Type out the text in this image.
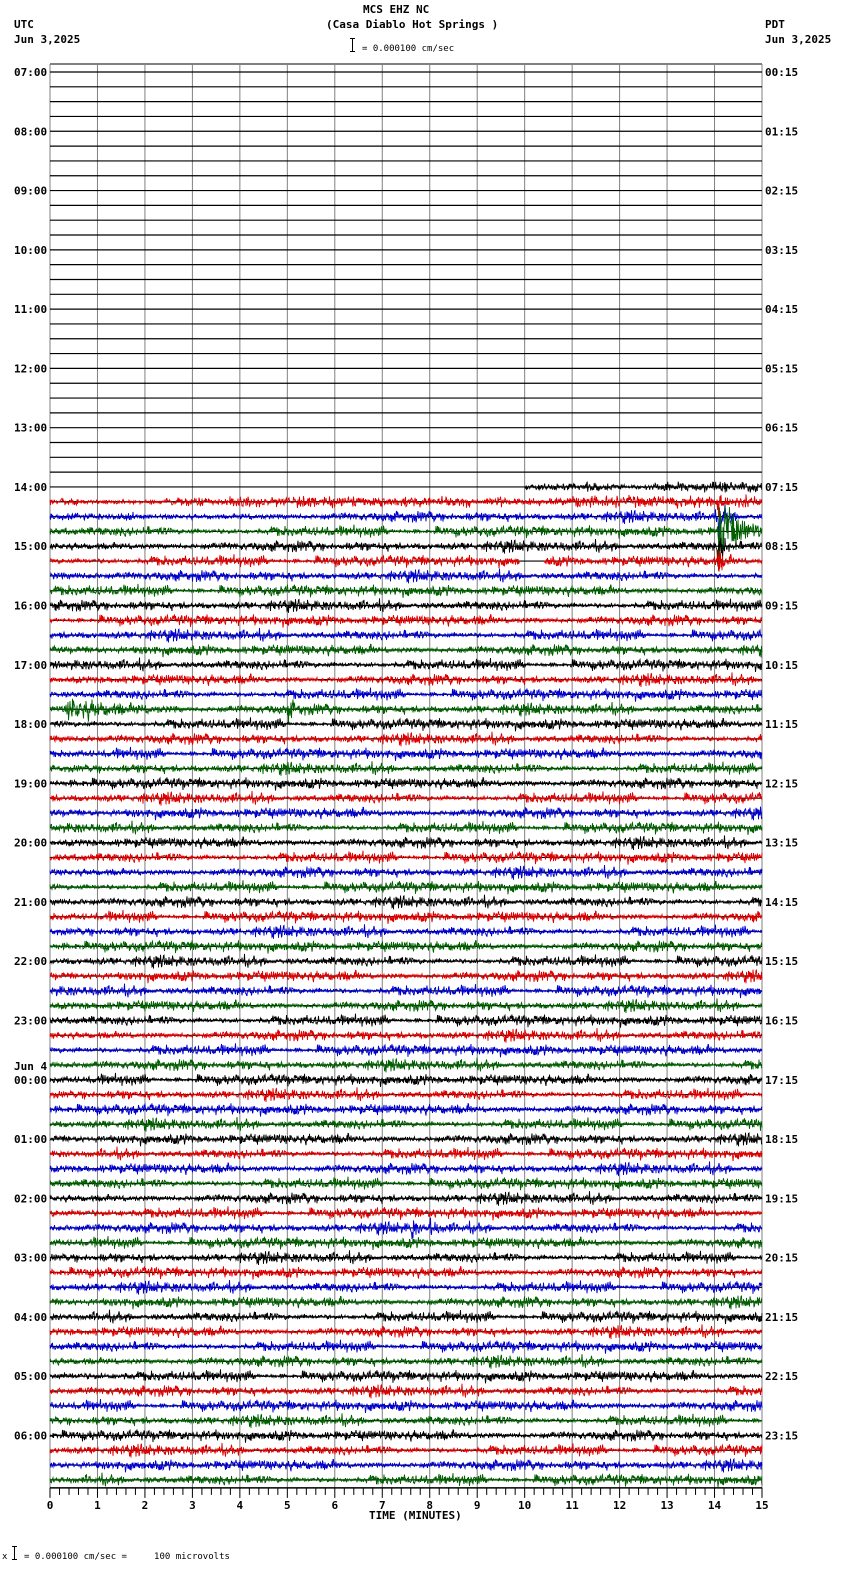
MCS EHZ NC
(Casa Diablo Hot Springs )
UTC
Jun 3,2025
PDT
Jun 3,2025
= 0.000100 cm/sec
07:00
08:00
09:00
10:00
11:00
12:00
13:00
14:00
15:00
16:00
17:00
18:00
19:00
20:00
21:00
22:00
23:00
Jun 4
00:00
01:00
02:00
03:00
04:00
05:00
06:00
00:15
01:15
02:15
03:15
04:15
05:15
06:15
07:15
08:15
09:15
10:15
11:15
12:15
13:15
14:15
15:15
16:15
17:15
18:15
19:15
20:15
21:15
22:15
23:15
0	1	2	3	4	5	6	7	8	9	10	11	12	13	14	15
TIME (MINUTES)
x = 0.000100 cm/sec =     100 microvolts
